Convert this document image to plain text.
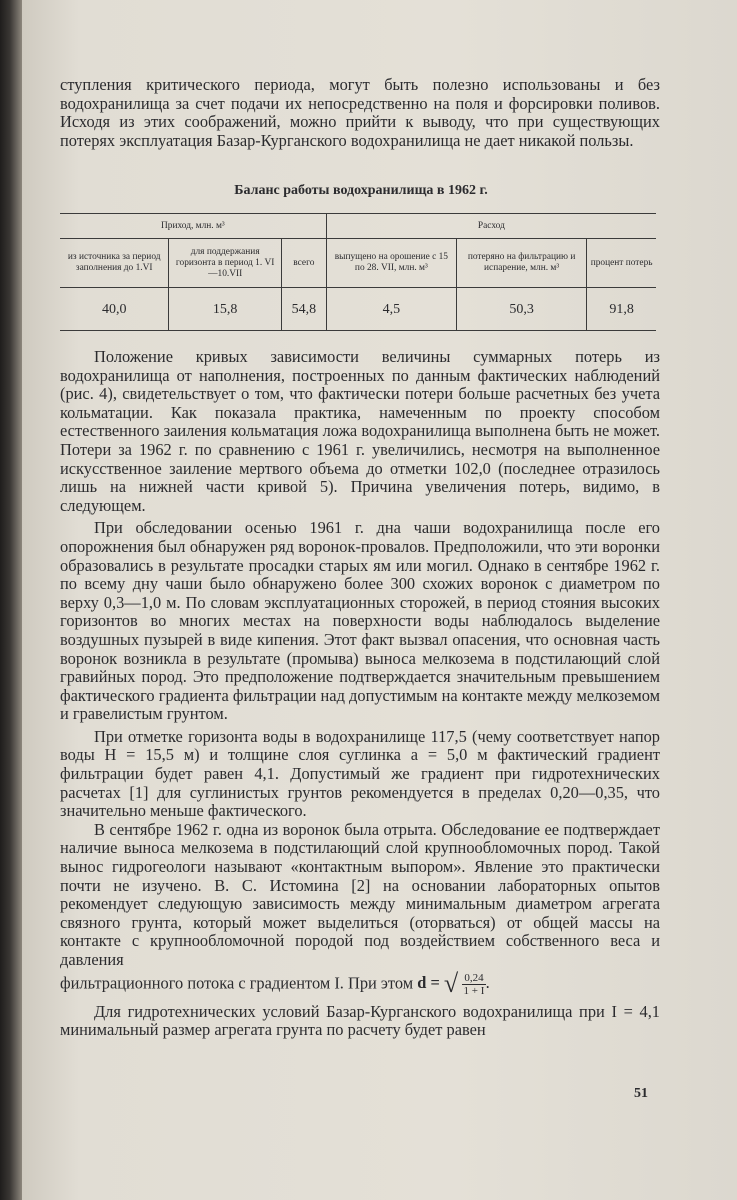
ступления критического периода, могут быть полезно использованы и без водохранилища за счет подачи их непосредственно на поля и форсировки поливов. Исходя из этих соображений, можно прийти к выводу, что при существующих потерях эксплуатация Базар-Курганского водохранилища не дает никакой пользы.

Баланс работы водохранилища в 1962 г.
Приход, млн. м³			Расход		
из источника за период заполнения до 1.VI	для поддержания горизонта в период 1. VI—10.VII	всего	выпущено на орошение с 15 по 28. VII, млн. м³	потеряно на фильтрацию и испарение, млн. м³	процент потерь
40,0	15,8	54,8	4,5	50,3	91,8

Положение кривых зависимости величины суммарных потерь из водохранилища от наполнения, построенных по данным фактических наблюдений (рис. 4), свидетельствует о том, что фактически потери больше расчетных без учета кольматации. Как показала практика, намеченным по проекту способом естественного заиления кольматация ложа водохранилища выполнена быть не может. Потери за 1962 г. по сравнению с 1961 г. увеличились, несмотря на выполненное искусственное заиление мертвого объема до отметки 102,0 (последнее отразилось лишь на нижней части кривой 5). Причина увеличения потерь, видимо, в следующем.

При обследовании осенью 1961 г. дна чаши водохранилища после его опорожнения был обнаружен ряд воронок-провалов. Предположили, что эти воронки образовались в результате просадки старых ям или могил. Однако в сентябре 1962 г. по всему дну чаши было обнаружено более 300 схожих воронок с диаметром по верху 0,3—1,0 м. По словам эксплуатационных сторожей, в период стояния высоких горизонтов во многих местах на поверхности воды наблюдалось выделение воздушных пузырей в виде кипения. Этот факт вызвал опасения, что основная часть воронок возникла в результате (промыва) выноса мелкозема в подстилающий слой гравийных пород. Это предположение подтверждается значительным превышением фактического градиента фильтрации над допустимым на контакте между мелкоземом и гравелистым грунтом.

При отметке горизонта воды в водохранилище 117,5 (чему соответствует напор воды H = 15,5 м) и толщине слоя суглинка a = 5,0 м фактический градиент фильтрации будет равен 4,1. Допустимый же градиент при гидротехнических расчетах [1] для суглинистых грунтов рекомендуется в пределах 0,20—0,35, что значительно меньше фактического.

В сентябре 1962 г. одна из воронок была отрыта. Обследование ее подтверждает наличие выноса мелкозема в подстилающий слой крупнообломочных пород. Такой вынос гидрогеологи называют «контактным выпором». Явление это практически почти не изучено. В. С. Истомина [2] на основании лабораторных опытов рекомендует следующую зависимость между минимальным диаметром агрегата связного грунта, который может выделиться (оторваться) от общей массы на контакте с крупнообломочной породой под воздействием собственного веса и давления

фильтрационного потока с градиентом I. При этом d = √ $\frac{0,24}{1 + I}$ .

Для гидротехнических условий Базар-Курганского водохранилища при I = 4,1 минимальный размер агрегата грунта по расчету будет равен

51
